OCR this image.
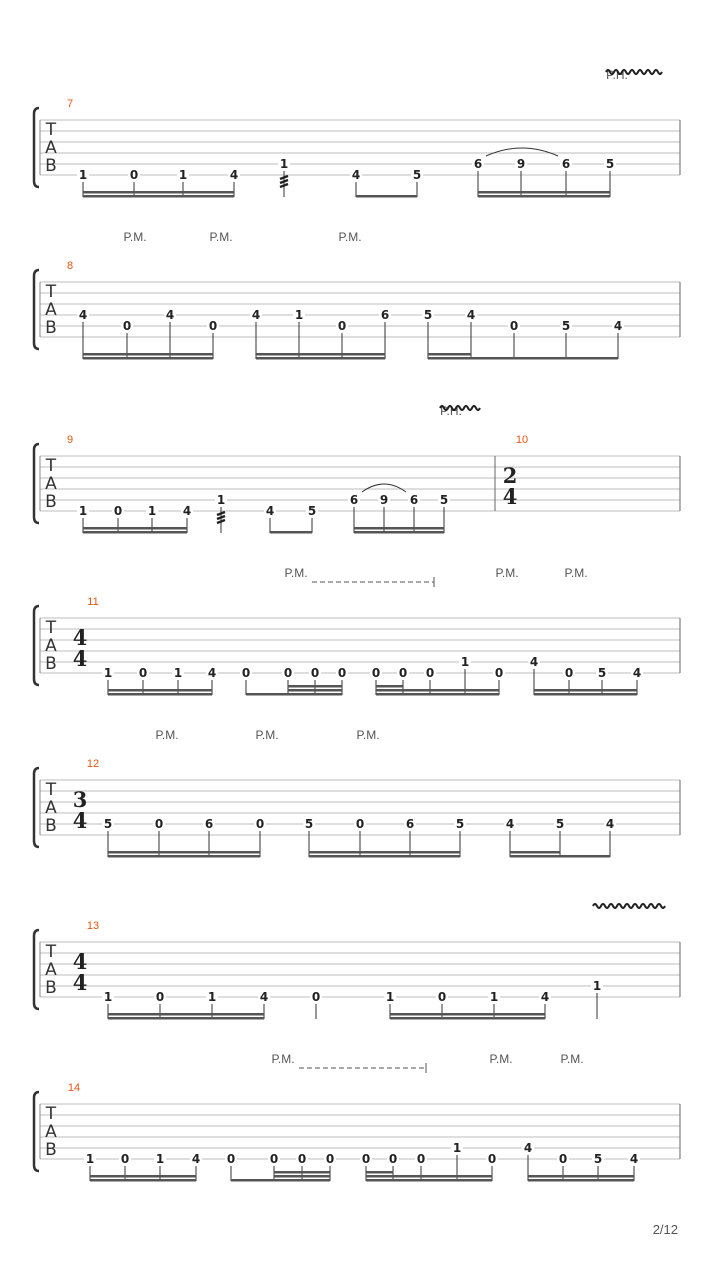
T
A
B
7
P.H.
1	0	1	4
1
4	5
6	9	6	5
T
A
B
8
P.M.	P.M.	P.M.
4
0
4
0
4	1
0
6	5	4
0	5	4
T
A
B
9	10
2
4
P.H.
1 0 1 4
1
4	5
6 9 6 5
T
A
B
11
4
4
P.M.	P.M.	P.M.
1 0 1 4 0	0 0 0 0 0 0
1
0
4
0 5 4
T
A
B
12
3
4
P.M.	P.M.	P.M.
5	0	6	0	5	0	6	5	4	5	4
T
A
B
13
4
4
1	0	1	4	0	1	0	1	4
1
T
A
B
14
P.M.	P.M.	P.M.
1 0 1 4 0	0 0 0 0 0 0
1
0
4
0 5 4
2/12
